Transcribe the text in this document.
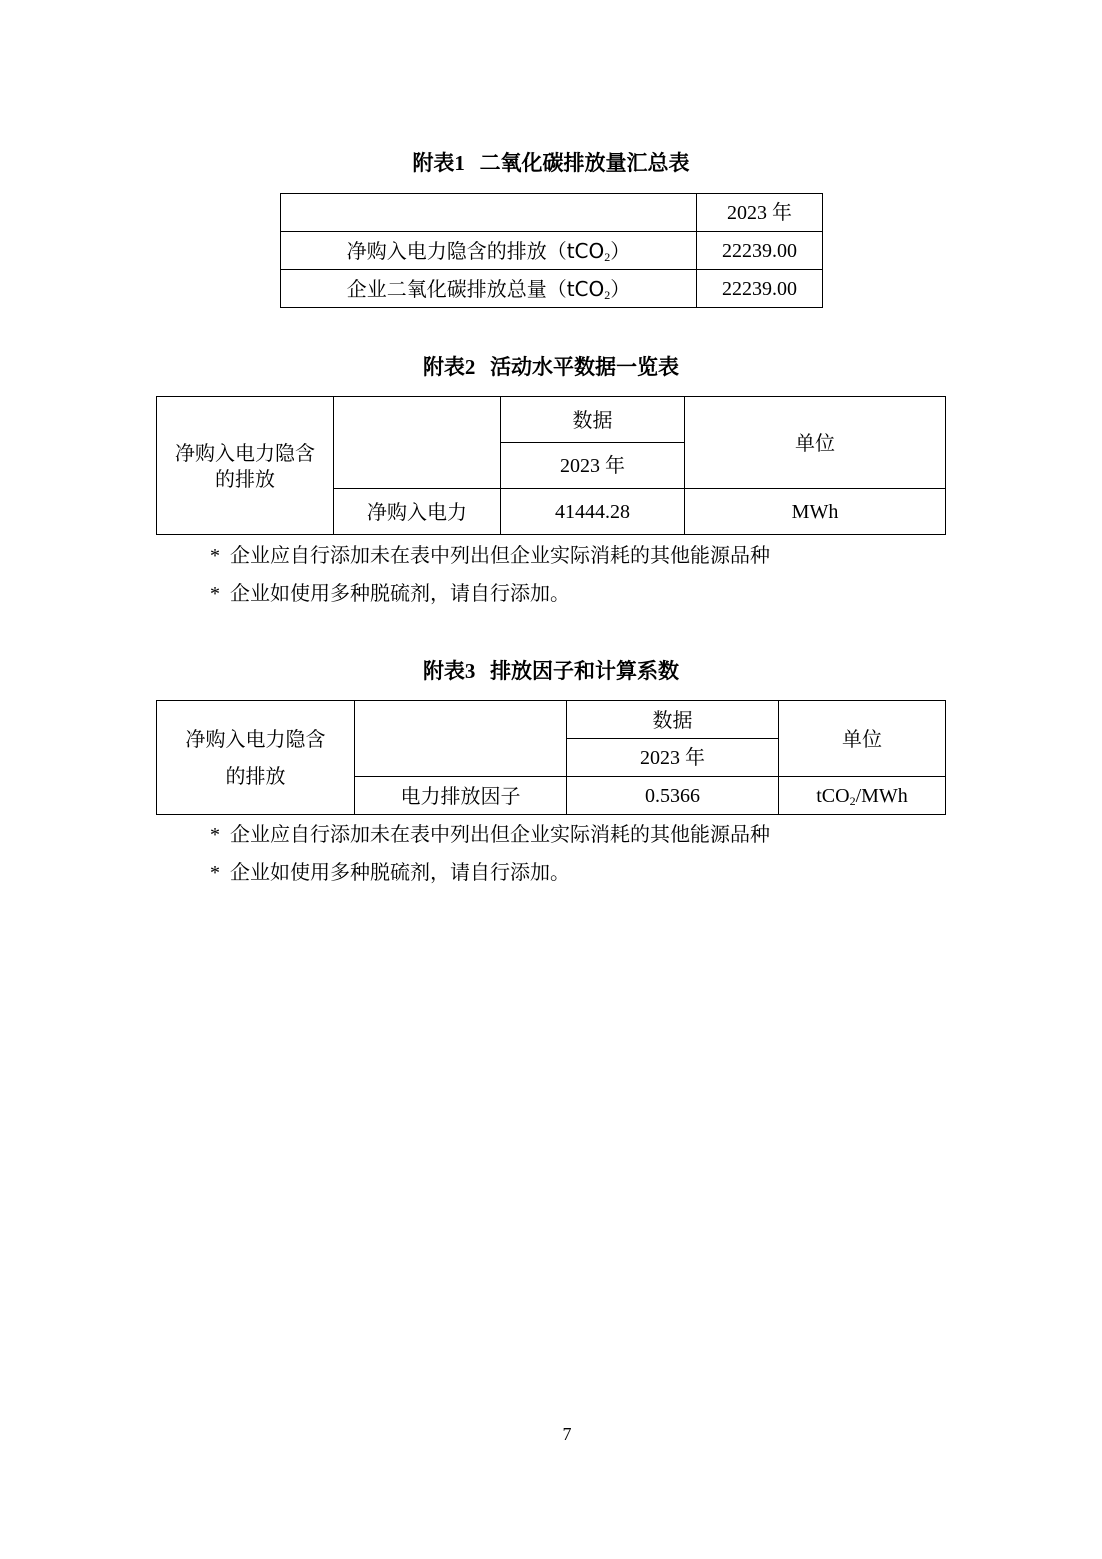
附表1 二氧化碳排放量汇总表
	2023 年
净购入电力隐含的排放（tCO$_2$）	22239.00
企业二氧化碳排放总量（tCO$_2$）	22239.00
附表2 活动水平数据一览表
净购入电力隐含
的排放		数据	单位
		2023 年	
	净购入电力	41444.28	MWh
* 企业应自行添加未在表中列出但企业实际消耗的其他能源品种
* 企业如使用多种脱硫剂，请自行添加。
附表3 排放因子和计算系数
净购入电力隐含
的排放		数据	单位
		2023 年	
	电力排放因子	0.5366	tCO$_2$/MWh
* 企业应自行添加未在表中列出但企业实际消耗的其他能源品种
* 企业如使用多种脱硫剂，请自行添加。
7
